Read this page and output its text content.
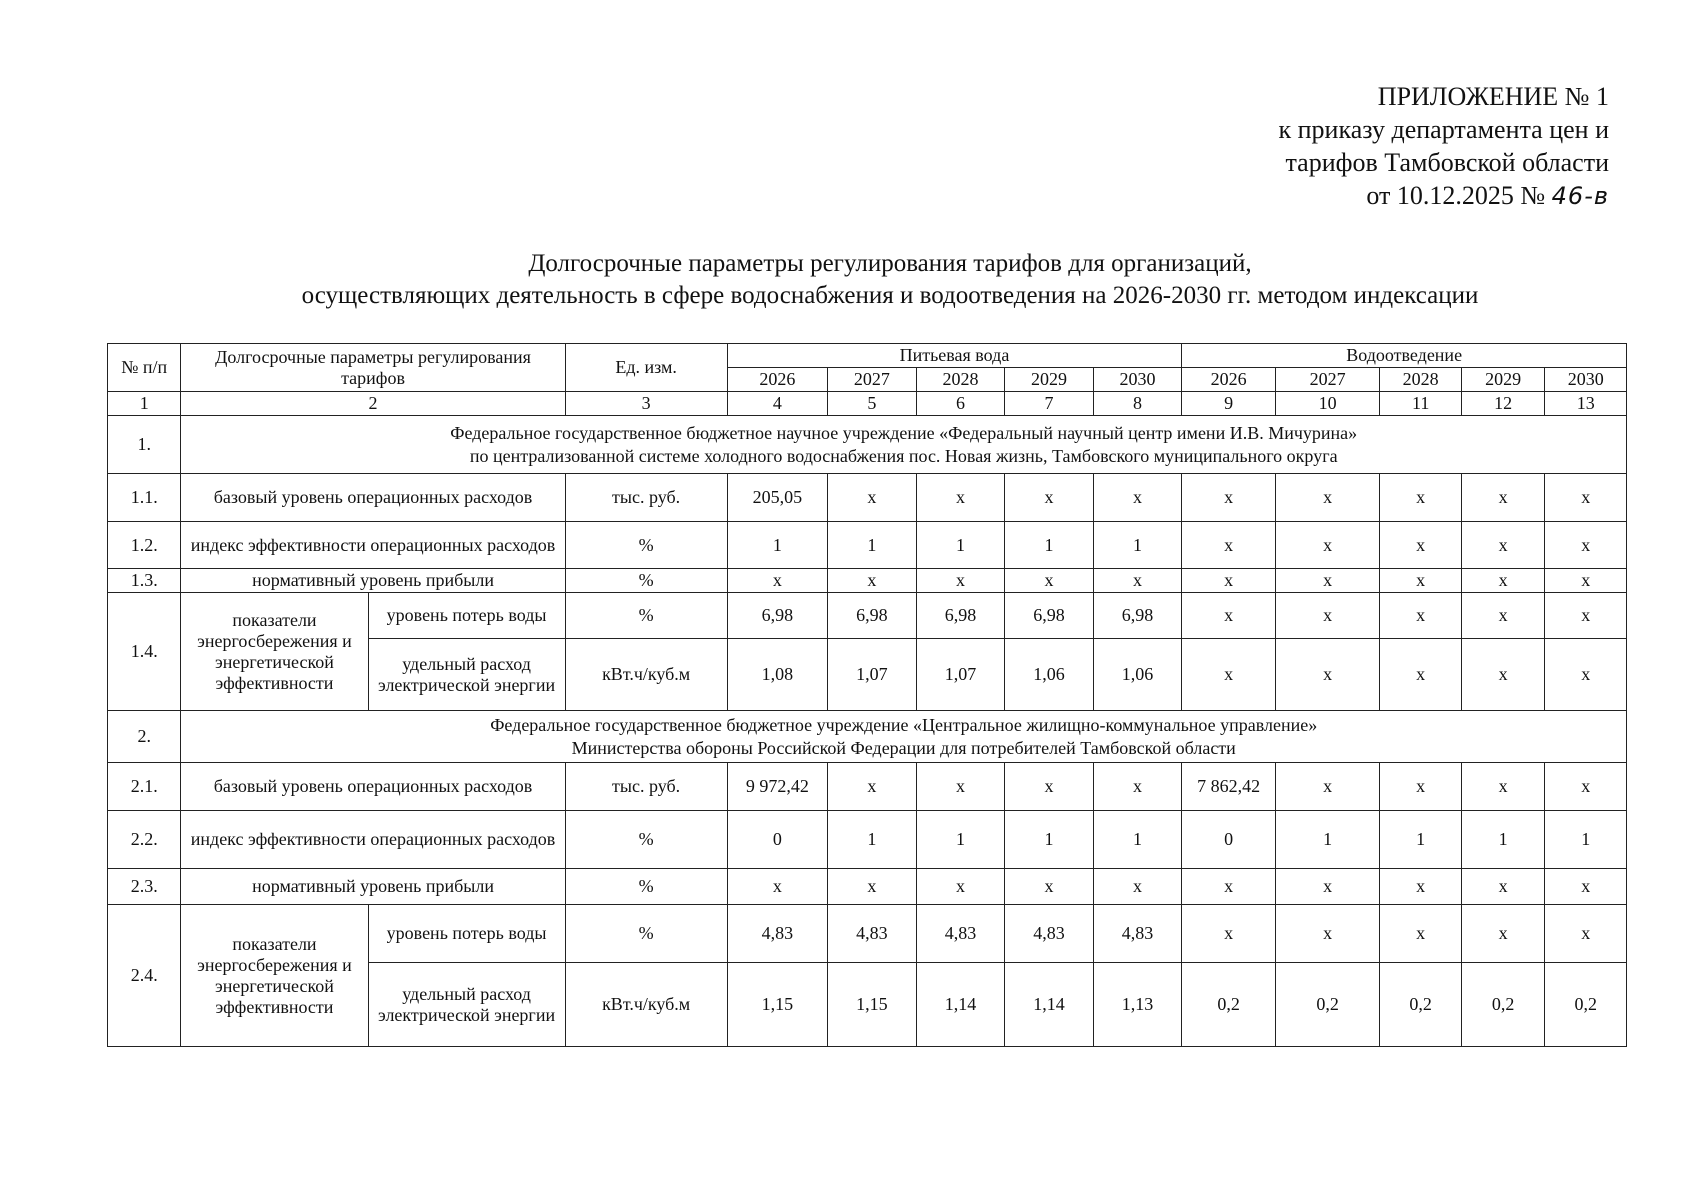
ПРИЛОЖЕНИЕ № 1
к приказу департамента цен и
тарифов Тамбовской области
от 10.12.2025 № 46-в
Долгосрочные параметры регулирования тарифов для организаций,
осуществляющих деятельность в сфере водоснабжения и водоотведения на 2026-2030 гг. методом индексации
№ п/п	Долгосрочные параметры регулирования тарифов		Ед. изм.	Питьевая вода					Водоотведение				
				2026	2027	2028	2029	2030	2026	2027	2028	2029	2030
1	2		3	4	5	6	7	8	9	10	11	12	13
1.	Федеральное государственное бюджетное научное учреждение «Федеральный научный центр имени И.В. Мичурина»
по централизованной системе холодного водоснабжения пос. Новая жизнь, Тамбовского муниципального округа												

1.1.	базовый уровень операционных расходов		тыс. руб.	205,05	х	х	х	х	х	х	х	х	х
1.2.	индекс эффективности операционных расходов		%	1	1	1	1	1	х	х	х	х	х
1.3.	нормативный уровень прибыли		%	х	х	х	х	х	х	х	х	х	х
1.4.	показатели энергосбережения и энергетической эффективности	уровень потерь воды	%	6,98	6,98	6,98	6,98	6,98	х	х	х	х	х
		удельный расход электрической энергии	кВт.ч/куб.м	1,08	1,07	1,07	1,06	1,06	х	х	х	х	х
2.	Федеральное государственное бюджетное учреждение «Центральное жилищно-коммунальное управление»
Министерства обороны Российской Федерации для потребителей Тамбовской области												

2.1.	базовый уровень операционных расходов		тыс. руб.	9 972,42	х	х	х	х	7 862,42	х	х	х	х
2.2.	индекс эффективности операционных расходов		%	0	1	1	1	1	0	1	1	1	1
2.3.	нормативный уровень прибыли		%	х	х	х	х	х	х	х	х	х	х
2.4.	показатели энергосбережения и энергетической эффективности	уровень потерь воды	%	4,83	4,83	4,83	4,83	4,83	х	х	х	х	х
		удельный расход электрической энергии	кВт.ч/куб.м	1,15	1,15	1,14	1,14	1,13	0,2	0,2	0,2	0,2	0,2
